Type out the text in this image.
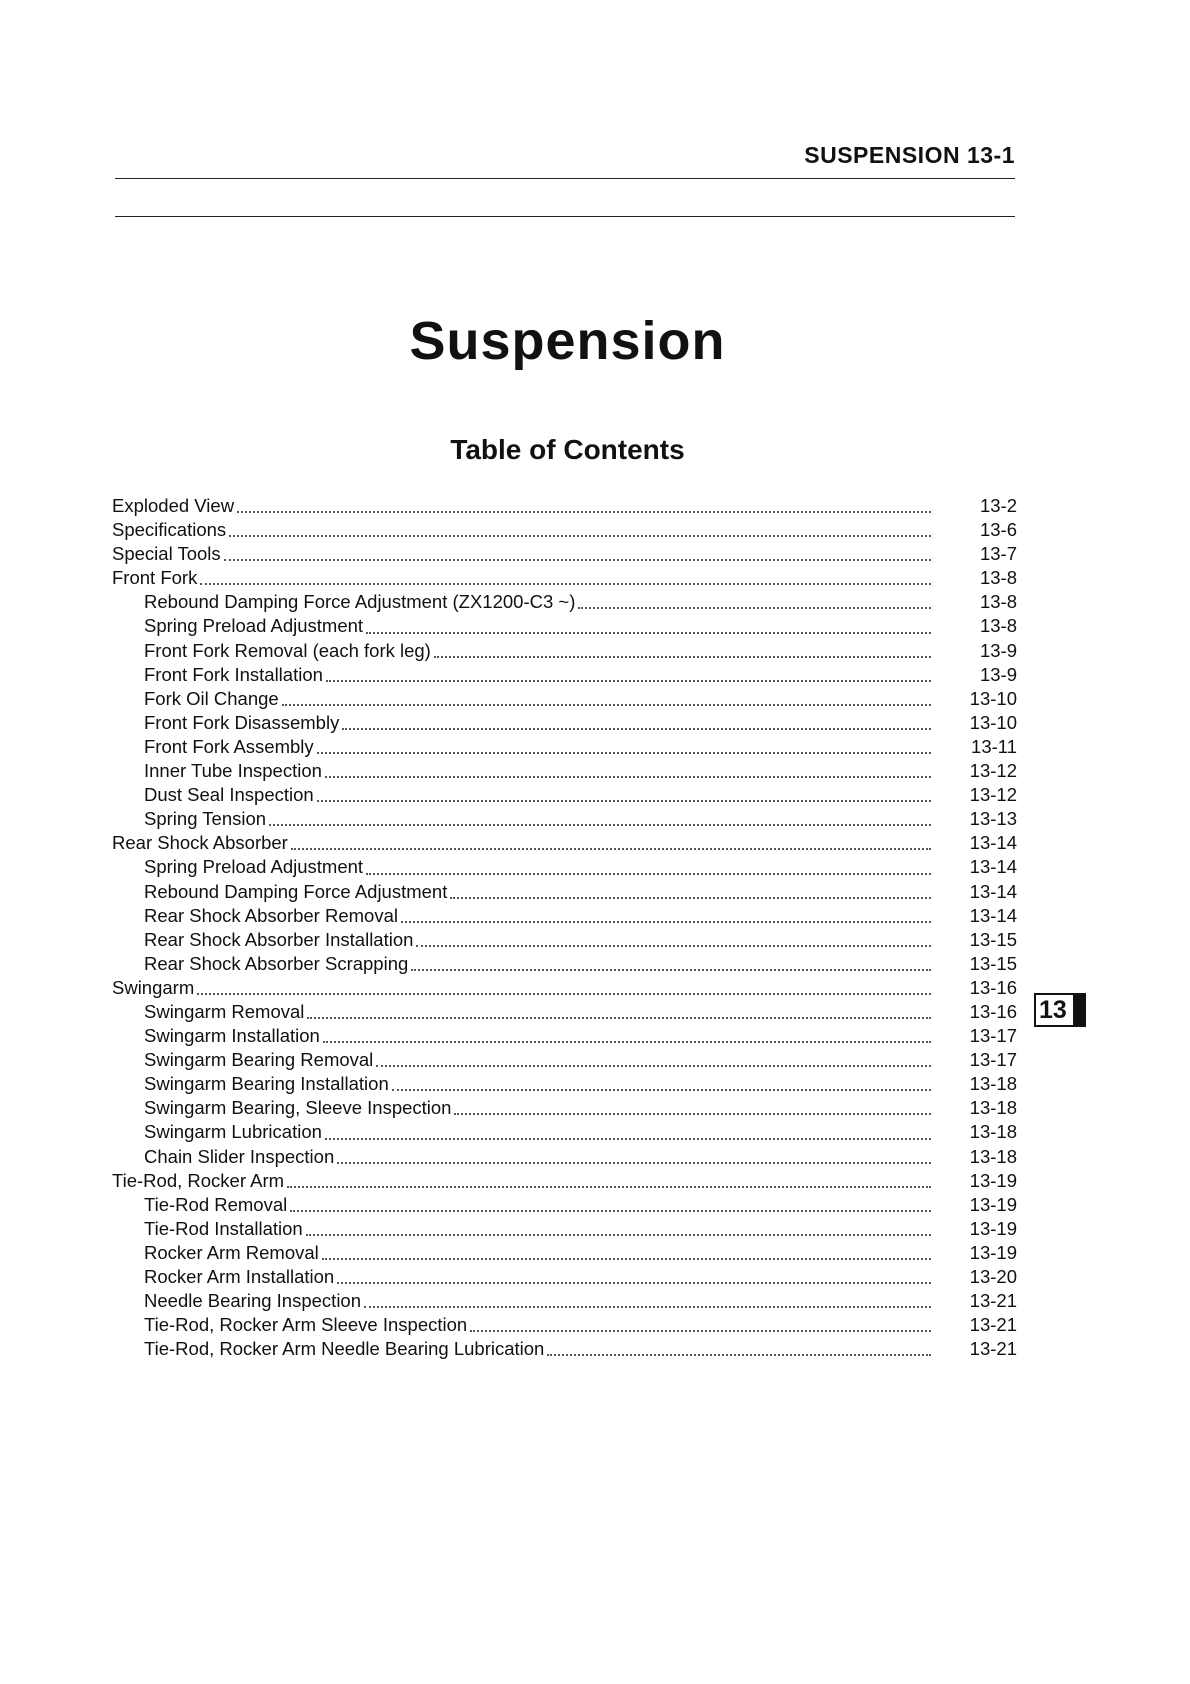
SUSPENSION 13-1
Suspension
Table of Contents
Exploded View	13-2
Specifications	13-6
Special Tools	13-7
Front Fork	13-8
Rebound Damping Force Adjustment (ZX1200-C3 ~)	13-8
Spring Preload Adjustment	13-8
Front Fork Removal (each fork leg)	13-9
Front Fork Installation	13-9
Fork Oil Change	13-10
Front Fork Disassembly	13-10
Front Fork Assembly	13-11
Inner Tube Inspection	13-12
Dust Seal Inspection	13-12
Spring Tension	13-13
Rear Shock Absorber	13-14
Spring Preload Adjustment	13-14
Rebound Damping Force Adjustment	13-14
Rear Shock Absorber Removal	13-14
Rear Shock Absorber Installation	13-15
Rear Shock Absorber Scrapping	13-15
Swingarm	13-16
Swingarm Removal	13-16
Swingarm Installation	13-17
Swingarm Bearing Removal	13-17
Swingarm Bearing Installation	13-18
Swingarm Bearing, Sleeve Inspection	13-18
Swingarm Lubrication	13-18
Chain Slider Inspection	13-18
Tie-Rod, Rocker Arm	13-19
Tie-Rod Removal	13-19
Tie-Rod Installation	13-19
Rocker Arm Removal	13-19
Rocker Arm Installation	13-20
Needle Bearing Inspection	13-21
Tie-Rod, Rocker Arm Sleeve Inspection	13-21
Tie-Rod, Rocker Arm Needle Bearing Lubrication	13-21
13
